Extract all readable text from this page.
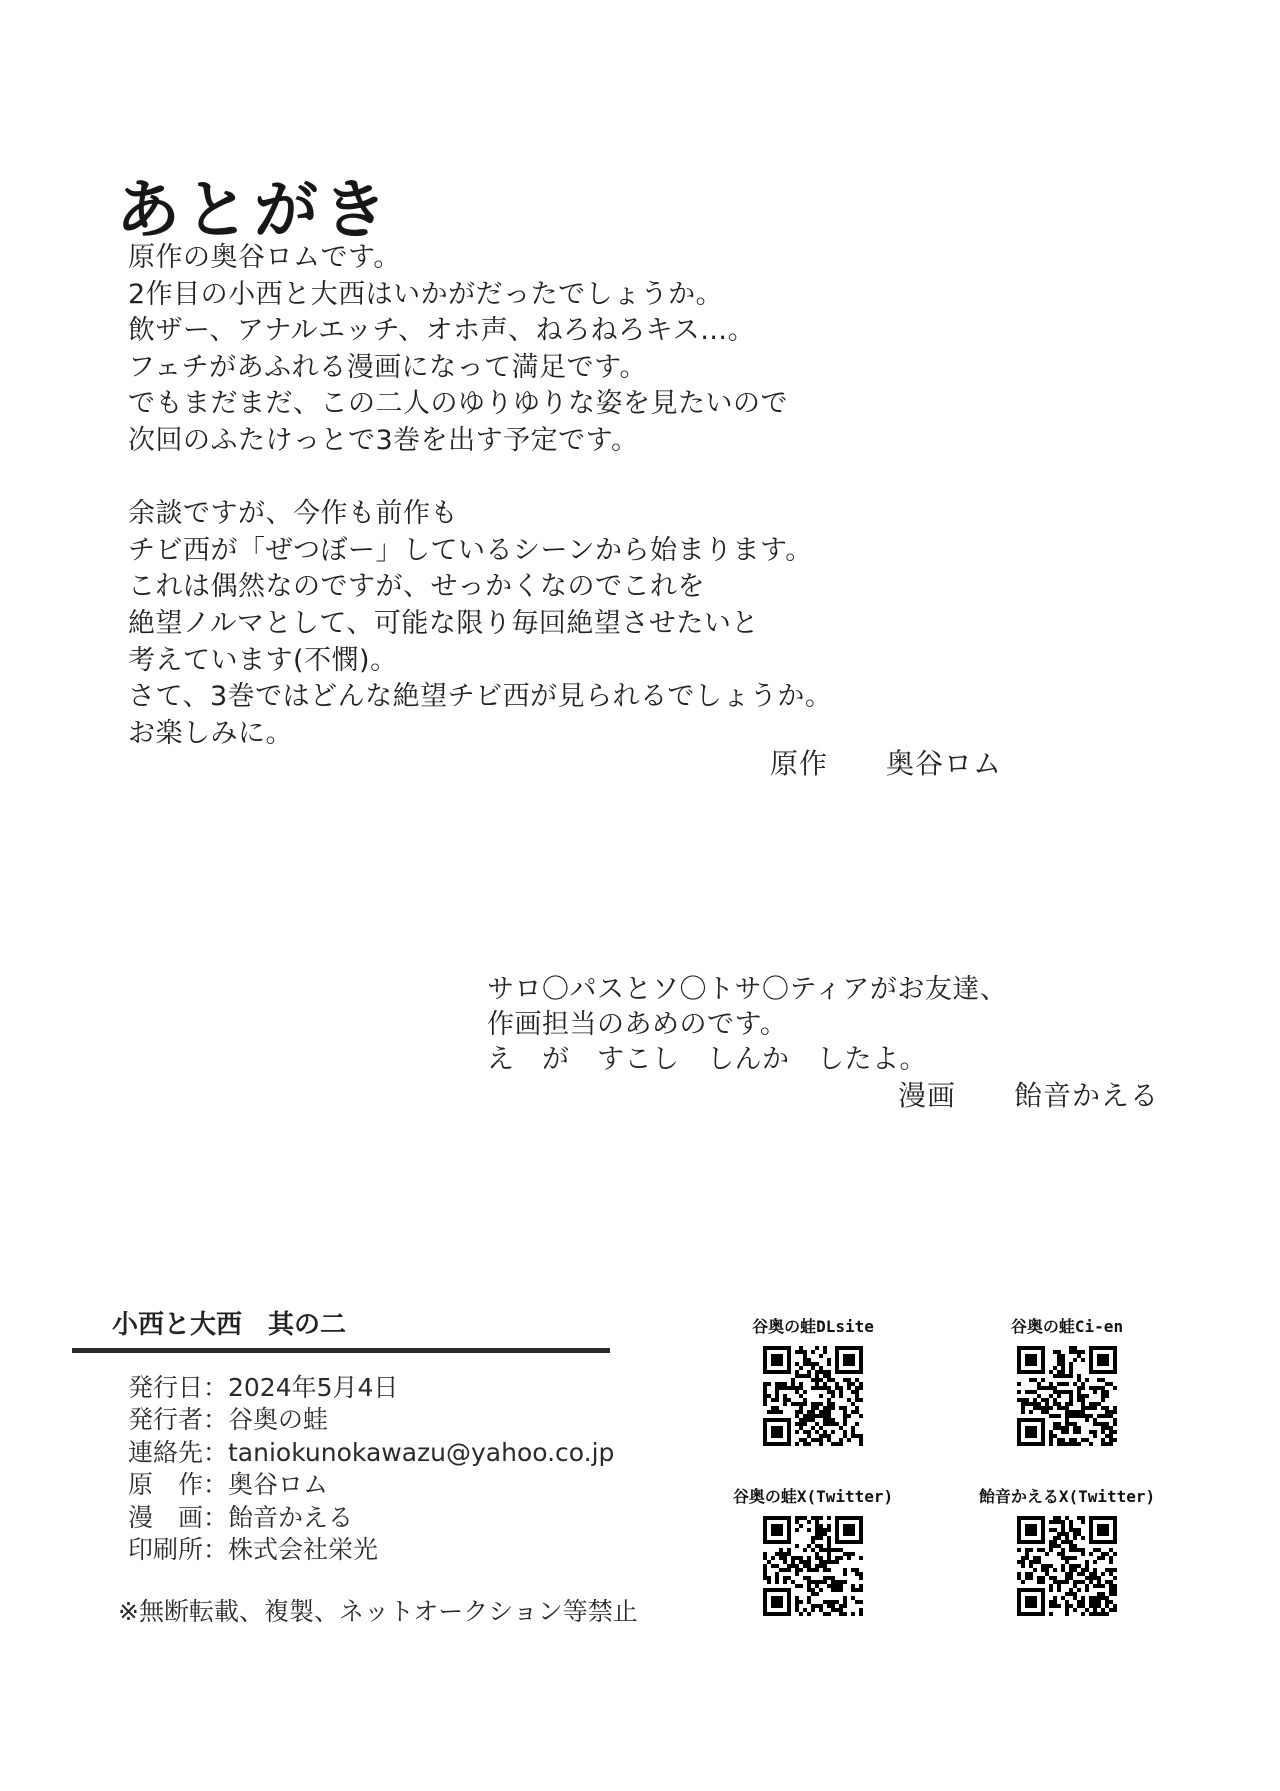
あとがき
原作の奥谷ロムです。
2作目の小西と大西はいかがだったでしょうか。
飲ザー、アナルエッチ、オホ声、ねろねろキス…。
フェチがあふれる漫画になって満足です。
でもまだまだ、この二人のゆりゆりな姿を見たいので
次回のふたけっとで3巻を出す予定です。
余談ですが、今作も前作も
チビ西が「ぜつぼー」しているシーンから始まります。
これは偶然なのですが、せっかくなのでこれを
絶望ノルマとして、可能な限り毎回絶望させたいと
考えています(不憫)。
さて、3巻ではどんな絶望チビ西が見られるでしょうか。
お楽しみに。
原作　　奥谷ロム
サロ〇パスとソ〇トサ〇ティアがお友達、
作画担当のあめのです。
え　が　すこし　しんか　したよ。
漫画　　飴音かえる
小西と大西　其の二
発行日：2024年5月4日
発行者：谷奥の蛙
連絡先：taniokunokawazu@yahoo.co.jp
原　作：奥谷ロム
漫　画：飴音かえる
印刷所：株式会社栄光
※無断転載、複製、ネットオークション等禁止
谷奥の蛙DLsite	谷奥の蛙Ci-en
谷奥の蛙X(Twitter)	飴音かえるX(Twitter)
